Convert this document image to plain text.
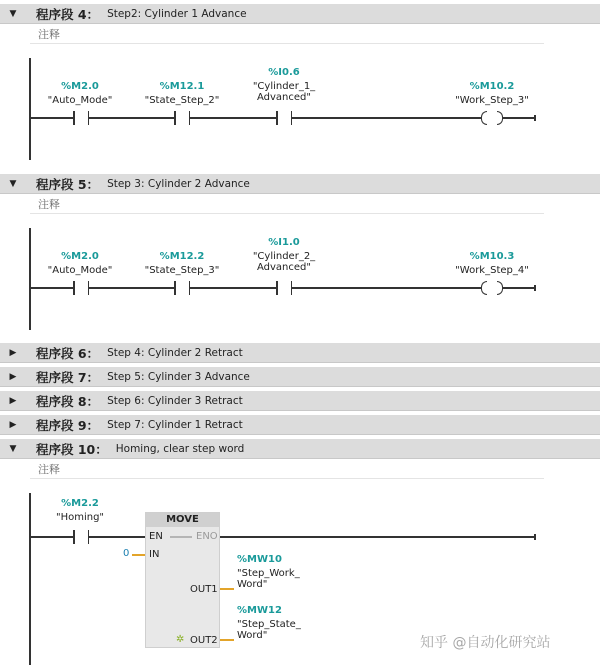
▼	程序段 4： Step2: Cylinder 1 Advance
注释
%M2.0
"Auto_Mode"
%M12.1
"State_Step_2"
%I0.6
"Cylinder_1_
Advanced"
%M10.2
"Work_Step_3"
▼	程序段 5： Step 3: Cylinder 2 Advance
注释
%M2.0
"Auto_Mode"
%M12.2
"State_Step_3"
%I1.0
"Cylinder_2_
Advanced"
%M10.3
"Work_Step_4"
▶	程序段 6： Step 4: Cylinder 2 Retract
▶	程序段 7： Step 5: Cylinder 3 Advance
▶	程序段 8： Step 6: Cylinder 3 Retract
▶	程序段 9： Step 7: Cylinder 1 Retract
▼	程序段 10： Homing, clear step word
注释
%M2.2
"Homing"	MOVE
EN	ENO
IN
OUT1
OUT2
✲
0
%MW10
"Step_Work_
Word"
%MW12
"Step_State_
Word"	知乎 @自动化研究站
